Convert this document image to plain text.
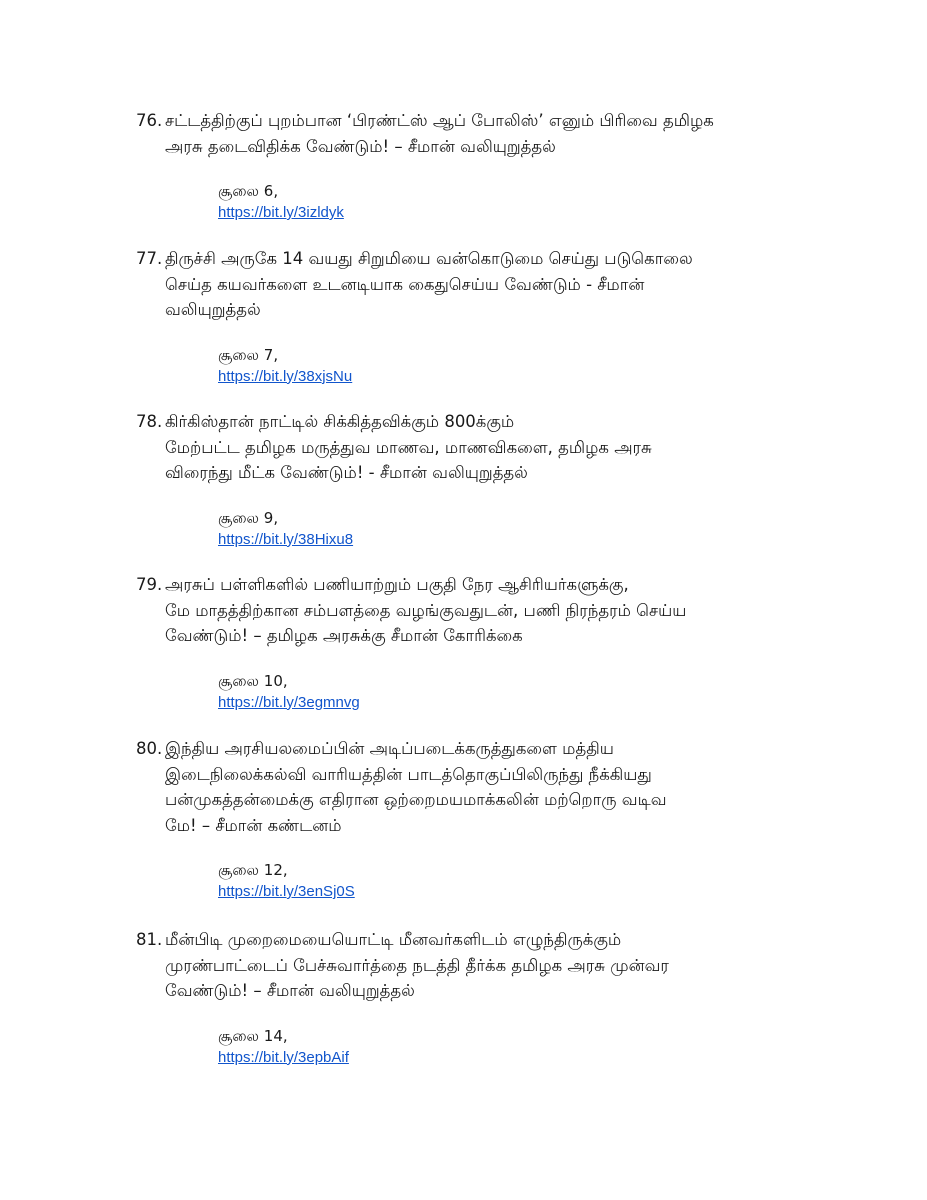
76. சட்டத்திற்குப் புறம்பான ‘பிரண்ட்ஸ் ஆப் போலிஸ்’ எனும் பிரிவை தமிழக
அரசு தடைவிதிக்க வேண்டும்! – சீமான் வலியுறுத்தல்
சூலை 6,
https://bit.ly/3izldyk
77. திருச்சி அருகே 14 வயது சிறுமியை வன்கொடுமை செய்து படுகொலை
செய்த கயவர்களை உடனடியாக கைதுசெய்ய வேண்டும் - சீமான்
வலியுறுத்தல்
சூலை 7,
https://bit.ly/38xjsNu
78. கிர்கிஸ்தான் நாட்டில் சிக்கித்தவிக்கும் 800க்கும்
மேற்பட்ட தமிழக மருத்துவ மாணவ, மாணவிகளை, தமிழக அரசு
விரைந்து மீட்க வேண்டும்! - சீமான் வலியுறுத்தல்
சூலை 9,
https://bit.ly/38Hixu8
79. அரசுப் பள்ளிகளில் பணியாற்றும் பகுதி நேர ஆசிரியர்களுக்கு,
மே மாதத்திற்கான சம்பளத்தை வழங்குவதுடன், பணி நிரந்தரம் செய்ய
வேண்டும்! – தமிழக அரசுக்கு சீமான் கோரிக்கை
சூலை 10,
https://bit.ly/3egmnvg
80. இந்திய அரசியலமைப்பின் அடிப்படைக்கருத்துகளை மத்திய
இடைநிலைக்கல்வி வாரியத்தின் பாடத்தொகுப்பிலிருந்து நீக்கியது
பன்முகத்தன்மைக்கு எதிரான ஒற்றைமயமாக்கலின் மற்றொரு வடிவ
மே! – சீமான் கண்டனம்
சூலை 12,
https://bit.ly/3enSj0S
81. மீன்பிடி முறைமையையொட்டி மீனவர்களிடம் எழுந்திருக்கும்
முரண்பாட்டைப் பேச்சுவார்த்தை நடத்தி தீர்க்க தமிழக அரசு முன்வர
வேண்டும்! – சீமான் வலியுறுத்தல்
சூலை 14,
https://bit.ly/3epbAif
